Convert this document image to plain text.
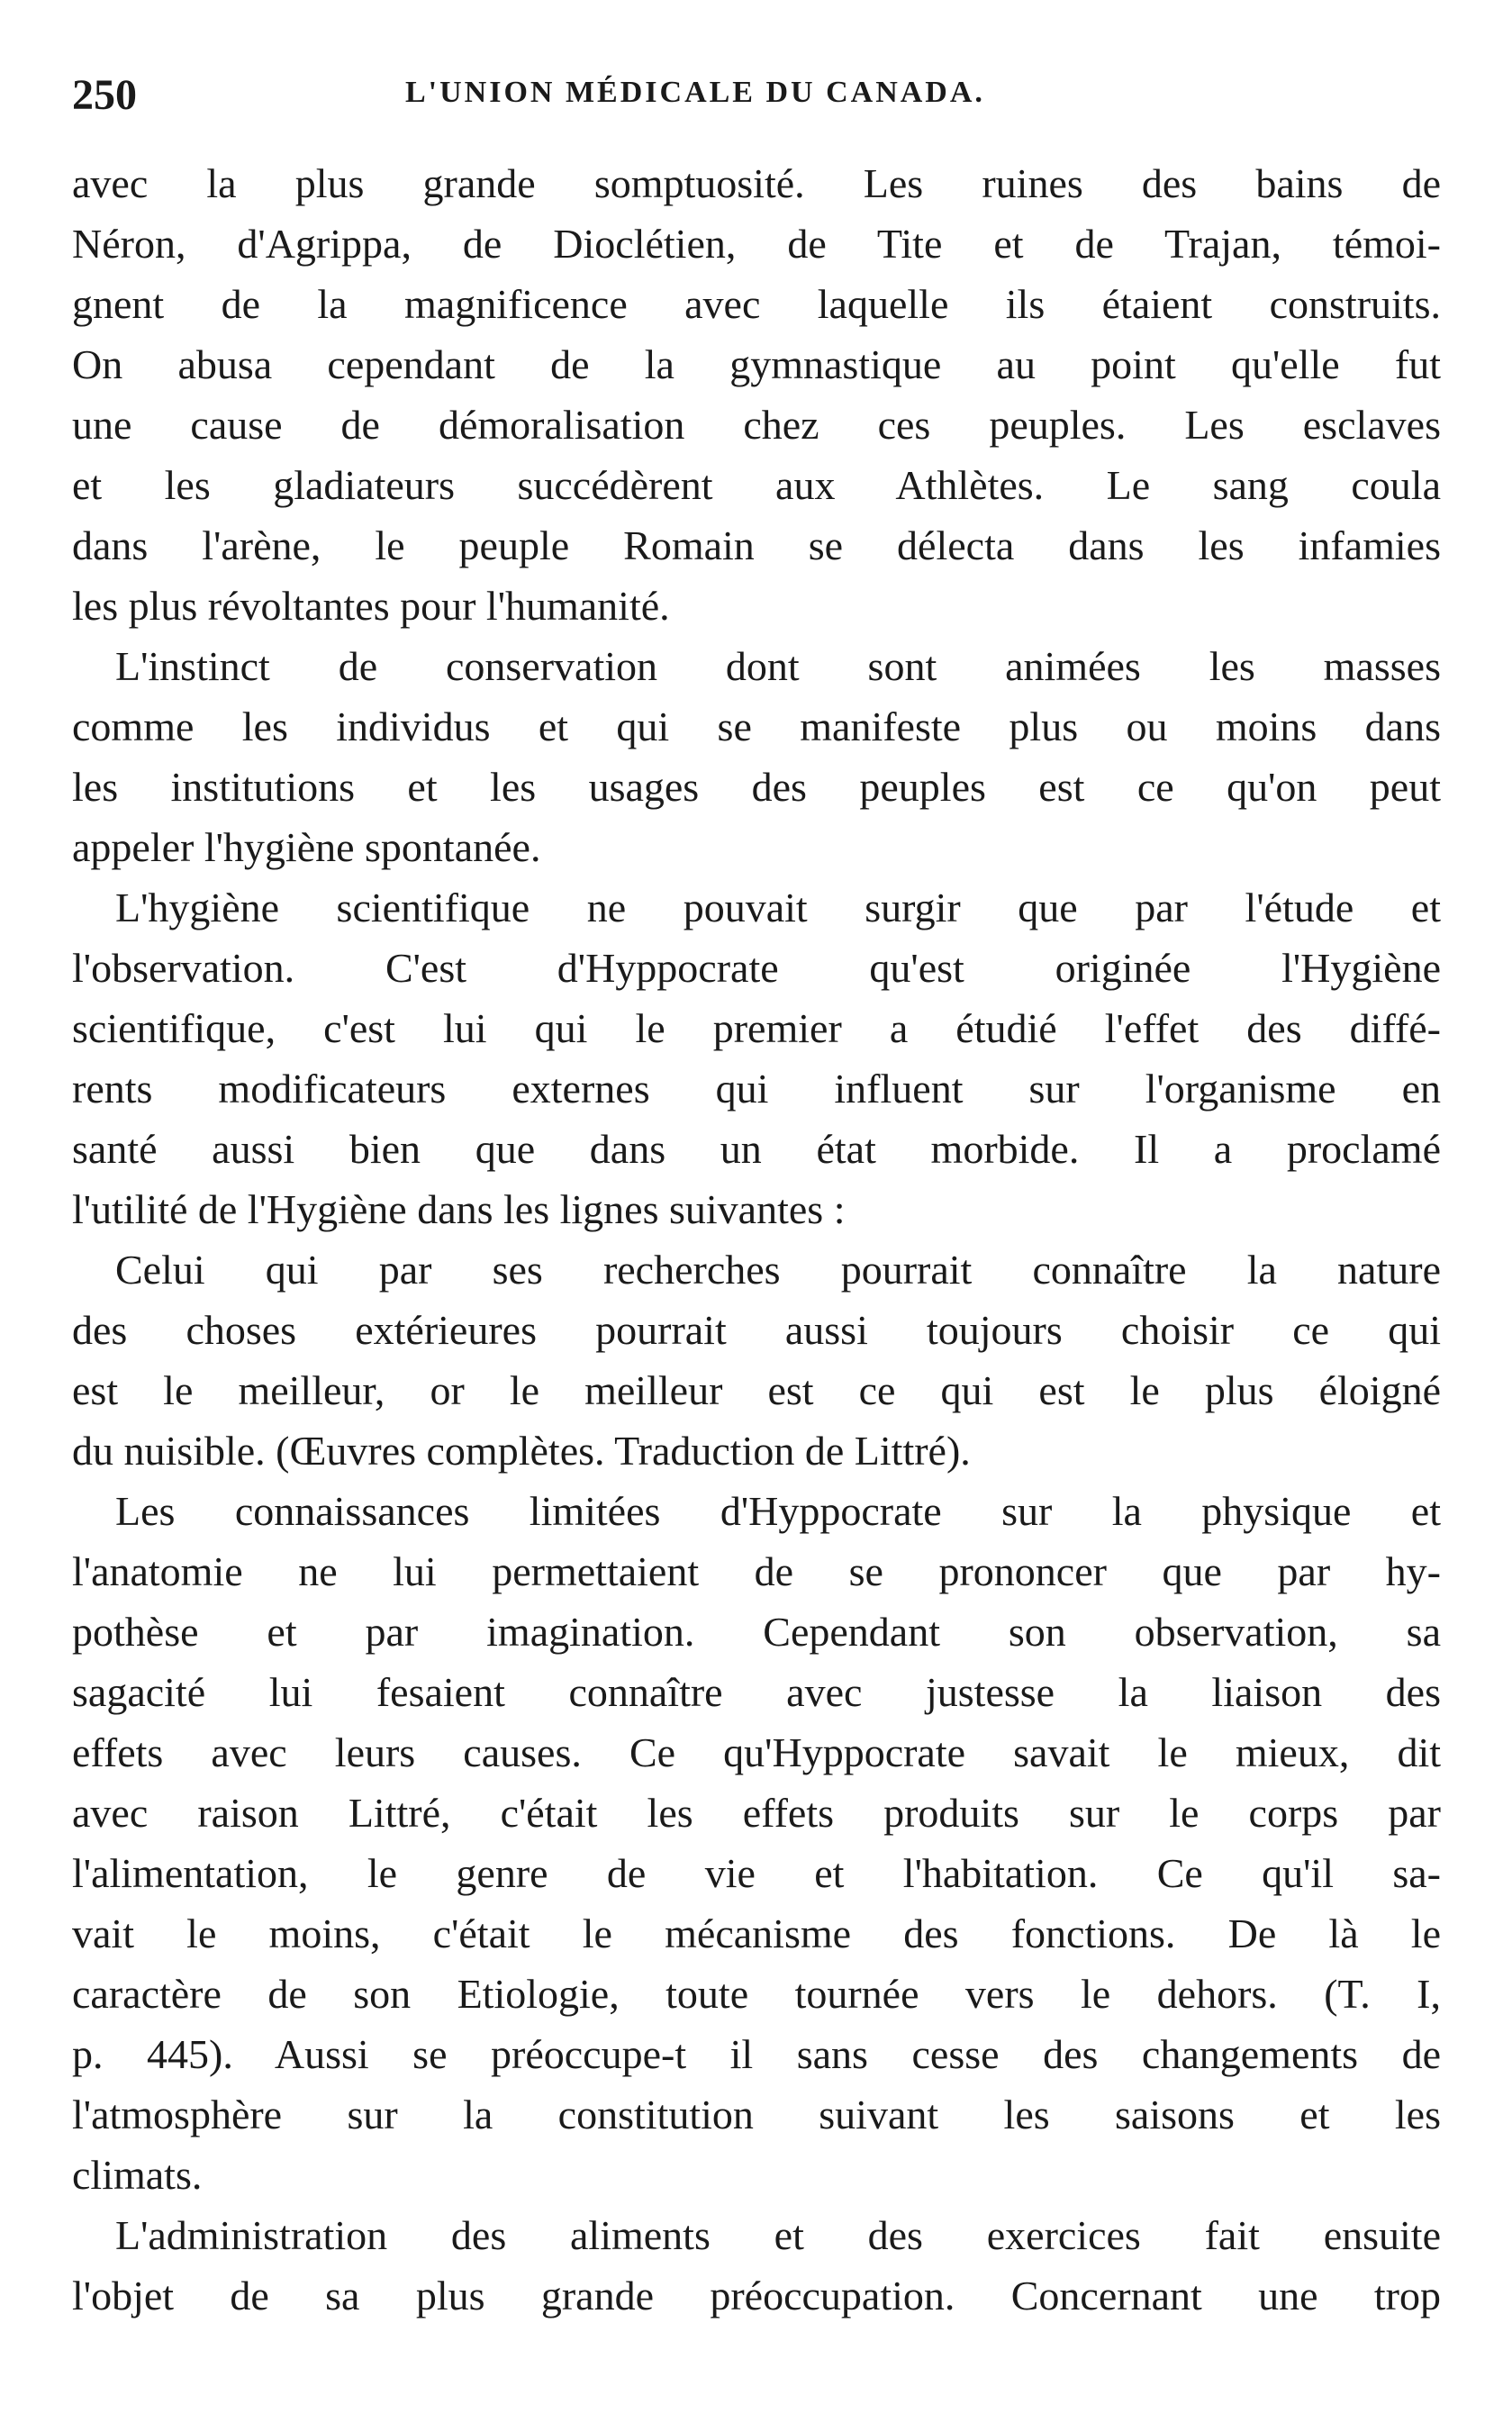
250	L'UNION MÉDICALE DU CANADA.
avec la plus grande somptuosité. Les ruines des bains de
Néron, d'Agrippa, de Dioclétien, de Tite et de Trajan, témoi-
gnent de la magnificence avec laquelle ils étaient construits.
On abusa cependant de la gymnastique au point qu'elle fut
une cause de démoralisation chez ces peuples. Les esclaves
et les gladiateurs succédèrent aux Athlètes. Le sang coula
dans l'arène, le peuple Romain se délecta dans les infamies
les plus révoltantes pour l'humanité.
L'instinct de conservation dont sont animées les masses
comme les individus et qui se manifeste plus ou moins dans
les institutions et les usages des peuples est ce qu'on peut
appeler l'hygiène spontanée.
L'hygiène scientifique ne pouvait surgir que par l'étude et
l'observation. C'est d'Hyppocrate qu'est originée l'Hygiène
scientifique, c'est lui qui le premier a étudié l'effet des diffé-
rents modificateurs externes qui influent sur l'organisme en
santé aussi bien que dans un état morbide. Il a proclamé
l'utilité de l'Hygiène dans les lignes suivantes :
Celui qui par ses recherches pourrait connaître la nature
des choses extérieures pourrait aussi toujours choisir ce qui
est le meilleur, or le meilleur est ce qui est le plus éloigné
du nuisible. (Œuvres complètes. Traduction de Littré).
Les connaissances limitées d'Hyppocrate sur la physique et
l'anatomie ne lui permettaient de se prononcer que par hy-
pothèse et par imagination. Cependant son observation, sa
sagacité lui fesaient connaître avec justesse la liaison des
effets avec leurs causes. Ce qu'Hyppocrate savait le mieux, dit
avec raison Littré, c'était les effets produits sur le corps par
l'alimentation, le genre de vie et l'habitation. Ce qu'il sa-
vait le moins, c'était le mécanisme des fonctions. De là le
caractère de son Etiologie, toute tournée vers le dehors. (T. I,
p. 445). Aussi se préoccupe-t il sans cesse des changements de
l'atmosphère sur la constitution suivant les saisons et les
climats.
L'administration des aliments et des exercices fait ensuite
l'objet de sa plus grande préoccupation. Concernant une trop
